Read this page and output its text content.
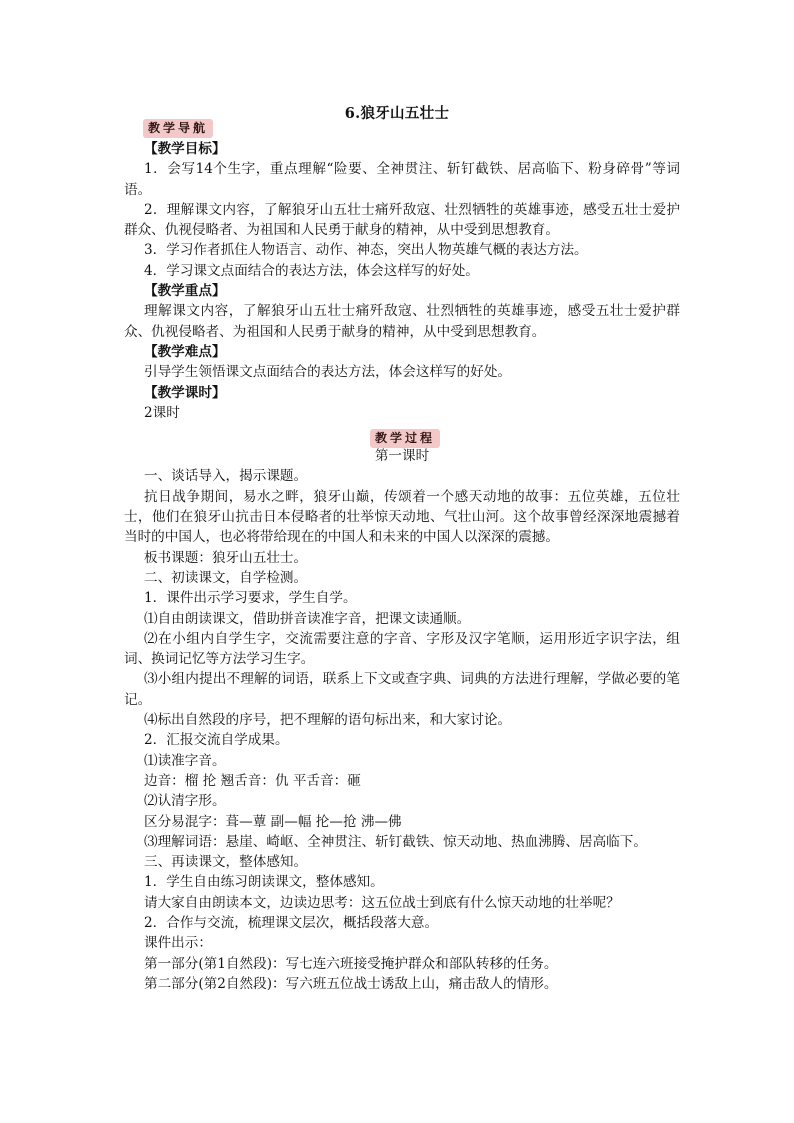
6.狼牙山五壮士
教学导航
教学过程

【教学目标】

1．会写14个生字，重点理解“险要、全神贯注、斩钉截铁、居高临下、粉身碎骨”等词语。

2．理解课文内容，了解狼牙山五壮士痛歼敌寇、壮烈牺牲的英雄事迹，感受五壮士爱护群众、仇视侵略者、为祖国和人民勇于献身的精神，从中受到思想教育。

3．学习作者抓住人物语言、动作、神态，突出人物英雄气概的表达方法。

4．学习课文点面结合的表达方法，体会这样写的好处。

【教学重点】

理解课文内容，了解狼牙山五壮士痛歼敌寇、壮烈牺牲的英雄事迹，感受五壮士爱护群众、仇视侵略者、为祖国和人民勇于献身的精神，从中受到思想教育。

【教学难点】

引导学生领悟课文点面结合的表达方法，体会这样写的好处。

【教学课时】

2课时

第一课时

一、谈话导入，揭示课题。

抗日战争期间，易水之畔，狼牙山巅，传颂着一个感天动地的故事：五位英雄，五位壮士，他们在狼牙山抗击日本侵略者的壮举惊天动地、气壮山河。这个故事曾经深深地震撼着当时的中国人，也必将带给现在的中国人和未来的中国人以深深的震撼。

板书课题：狼牙山五壮士。

二、初读课文，自学检测。

1．课件出示学习要求，学生自学。

⑴自由朗读课文，借助拼音读准字音，把课文读通顺。

⑵在小组内自学生字，交流需要注意的字音、字形及汉字笔顺，运用形近字识字法，组词、换词记忆等方法学习生字。

⑶小组内提出不理解的词语，联系上下文或查字典、词典的方法进行理解，学做必要的笔记。

⑷标出自然段的序号，把不理解的语句标出来，和大家讨论。

2．汇报交流自学成果。

⑴读准字音。

边音：榴 抡 翘舌音：仇 平舌音：砸

⑵认清字形。

区分易混字：葺—蕈 副—幅 抡—抢 沸—佛

⑶理解词语：悬崖、崎岖、全神贯注、斩钉截铁、惊天动地、热血沸腾、居高临下。

三、再读课文，整体感知。

1．学生自由练习朗读课文，整体感知。

请大家自由朗读本文，边读边思考：这五位战士到底有什么惊天动地的壮举呢？

2．合作与交流，梳理课文层次，概括段落大意。

课件出示：

第一部分(第1自然段)：写七连六班接受掩护群众和部队转移的任务。

第二部分(第2自然段)：写六班五位战士诱敌上山，痛击敌人的情形。
